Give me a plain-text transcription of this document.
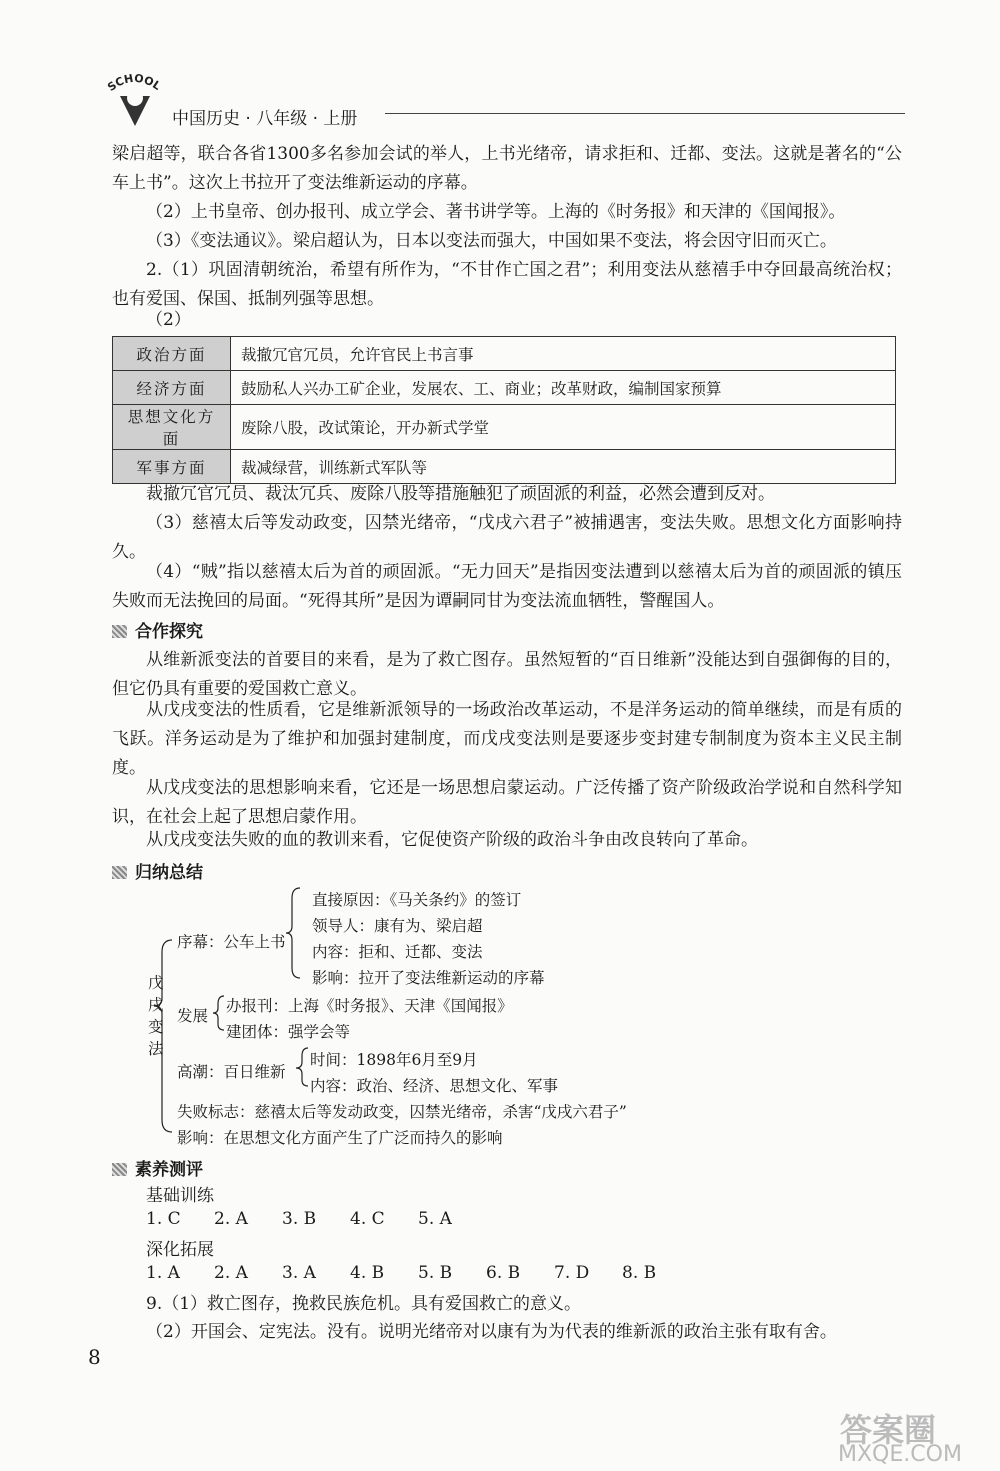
SCHOOL
中国历史 · 八年级 · 上册
梁启超等，联合各省1300多名参加会试的举人，上书光绪帝，请求拒和、迁都、变法。这就是著名的“公车上书”。这次上书拉开了变法维新运动的序幕。
（2）上书皇帝、创办报刊、成立学会、著书讲学等。上海的《时务报》和天津的《国闻报》。
（3）《变法通议》。梁启超认为，日本以变法而强大，中国如果不变法，将会因守旧而灭亡。
2.（1）巩固清朝统治，希望有所作为，“不甘作亡国之君”；利用变法从慈禧手中夺回最高统治权；也有爱国、保国、抵制列强等思想。
（2）
政治方面	裁撤冗官冗员，允许官民上书言事
经济方面	鼓励私人兴办工矿企业，发展农、工、商业；改革财政，编制国家预算
思想文化方面	废除八股，改试策论，开办新式学堂
军事方面	裁减绿营，训练新式军队等
裁撤冗官冗员、裁汰冗兵、废除八股等措施触犯了顽固派的利益，必然会遭到反对。
（3）慈禧太后等发动政变，囚禁光绪帝，“戊戌六君子”被捕遇害，变法失败。思想文化方面影响持久。
（4）“贼”指以慈禧太后为首的顽固派。“无力回天”是指因变法遭到以慈禧太后为首的顽固派的镇压失败而无法挽回的局面。“死得其所”是因为谭嗣同甘为变法流血牺牲，警醒国人。
合作探究
从维新派变法的首要目的来看，是为了救亡图存。虽然短暂的“百日维新”没能达到自强御侮的目的，但它仍具有重要的爱国救亡意义。
从戊戌变法的性质看，它是维新派领导的一场政治改革运动，不是洋务运动的简单继续，而是有质的飞跃。洋务运动是为了维护和加强封建制度，而戊戌变法则是要逐步变封建专制制度为资本主义民主制度。
从戊戌变法的思想影响来看，它还是一场思想启蒙运动。广泛传播了资产阶级政治学说和自然科学知识，在社会上起了思想启蒙作用。
从戊戌变法失败的血的教训来看，它促使资产阶级的政治斗争由改良转向了革命。
归纳总结
戊戌变法
序幕：公车上书
直接原因：《马关条约》的签订
领导人：康有为、梁启超
内容：拒和、迁都、变法
影响：拉开了变法维新运动的序幕
发展
办报刊：上海《时务报》、天津《国闻报》
建团体：强学会等
高潮：百日维新
时间：1898年6月至9月
内容：政治、经济、思想文化、军事
失败标志：慈禧太后等发动政变，囚禁光绪帝，杀害“戊戌六君子”
影响：在思想文化方面产生了广泛而持久的影响
素养测评
基础训练
1. C 2. A 3. B 4. C 5. A
深化拓展
1. A 2. A 3. A 4. B 5. B 6. B 7. D 8. B
9.（1）救亡图存，挽救民族危机。具有爱国救亡的意义。
（2）开国会、定宪法。没有。说明光绪帝对以康有为为代表的维新派的政治主张有取有舍。
8
答案圈
MXQE.COM
